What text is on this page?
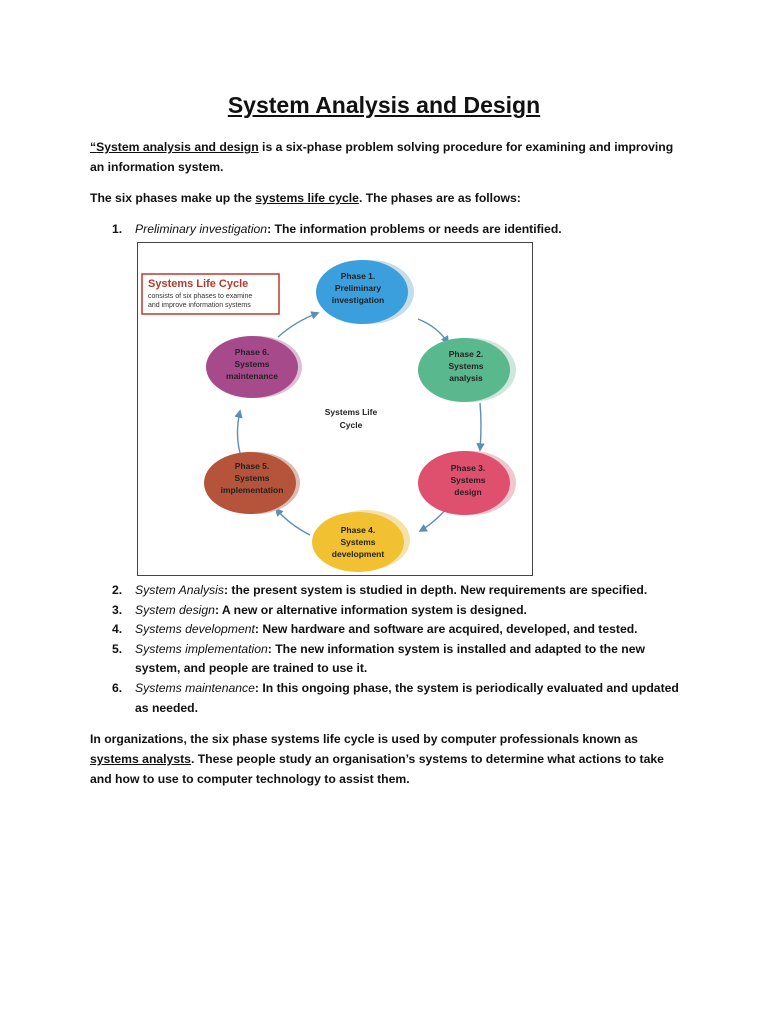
System Analysis and Design

“System analysis and design is a six-phase problem solving procedure for examining and improving an information system.

The six phases make up the systems life cycle. The phases are as follows:

1. Preliminary investigation: The information problems or needs are identified.
Systems Life Cycle
consists of six phases to examine
and improve information systems
Systems Life
Cycle
Phase 1.
Preliminary
investigation
Phase 2.
Systems
analysis
Phase 3.
Systems
design
Phase 4.
Systems
development
Phase 5.
Systems
implementation
Phase 6.
Systems
maintenance
2. System Analysis: the present system is studied in depth. New requirements are specified.
3. System design: A new or alternative information system is designed.
4. Systems development: New hardware and software are acquired, developed, and tested.
5. Systems implementation: The new information system is installed and adapted to the new system, and people are trained to use it.
6. Systems maintenance: In this ongoing phase, the system is periodically evaluated and updated as needed.

In organizations, the six phase systems life cycle is used by computer professionals known as systems analysts. These people study an organisation’s systems to determine what actions to take and how to use to computer technology to assist them.
